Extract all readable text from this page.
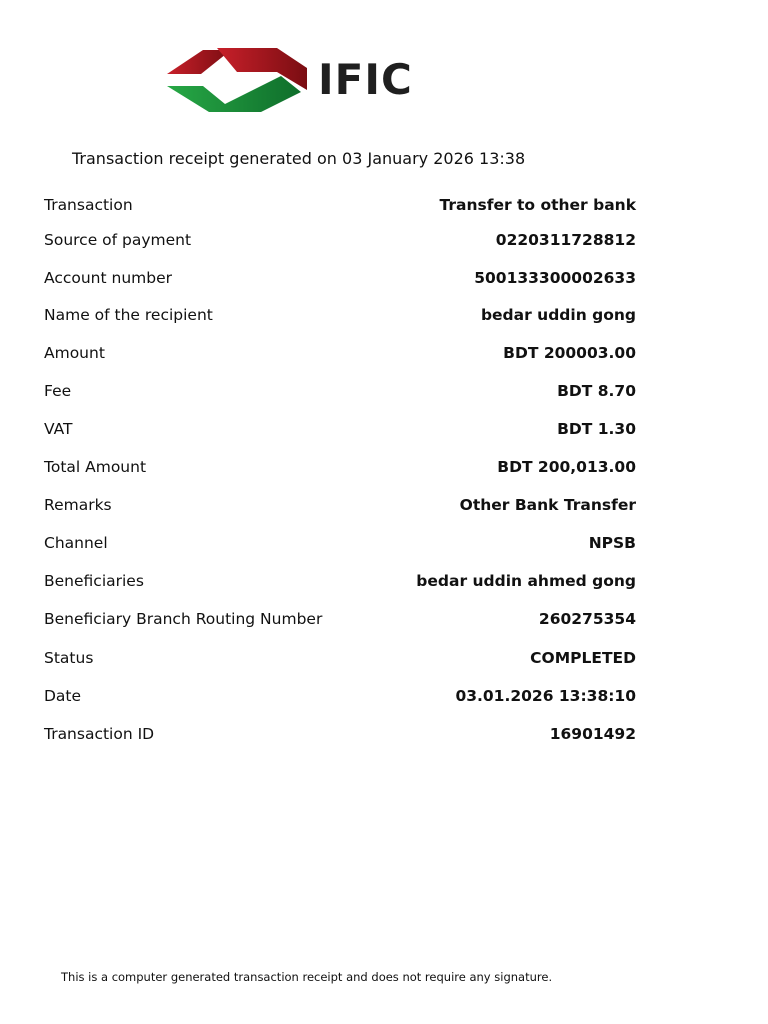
IFIC
Transaction receipt generated on 03 January 2026 13:38
Transaction	Transfer to other bank
Source of payment	0220311728812
Account number	500133300002633
Name of the recipient	bedar uddin gong
Amount	BDT 200003.00
Fee	BDT 8.70
VAT	BDT 1.30
Total Amount	BDT 200,013.00
Remarks	Other Bank Transfer
Channel	NPSB
Beneficiaries	bedar uddin ahmed gong
Beneficiary Branch Routing Number	260275354
Status	COMPLETED
Date	03.01.2026 13:38:10
Transaction ID	16901492
This is a computer generated transaction receipt and does not require any signature.
